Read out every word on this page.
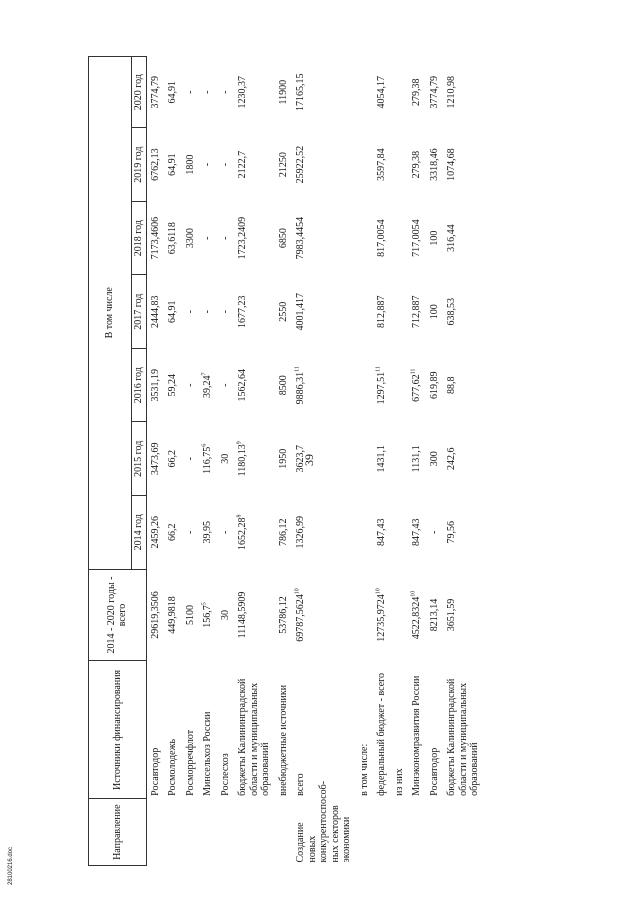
39
Направление	Источники финансирования	2014 - 2020 годы - всего	В том числе						
			2014 год	2015 год	2016 год	2017 год	2018 год	2019 год	2020 год
	Росавтодор	29619,3506	2459,26	3473,69	3531,19	2444,83	7173,4606	6762,13	3774,79
	Росмолодежь	449,9818	66,2	66,2	59,24	64,91	63,6118	64,91	64,91
	Росморречфлот	5100	-	-	-	-	3300	1800	-
	Минсельхоз России	156,7$^5$	39,95	116,75$^6$	39,24$^7$	-	-	-	-
	Рослесхоз	30	-	30	-	-	-	-	-
	бюджеты Калининградской области и муниципальных образований	11148,5909	1652,28$^8$	1180,13$^9$	1562,64	1677,23	1723,2409	2122,7	1230,37
	внебюджетные источники	53786,12	786,12	1950	8500	2550	6850	21250	11900
Создание новых конкурентоспособ-ных секторов экономики	всего	69787,5624$^{10}$	1326,99	3623,7	9886,31$^{11}$	4001,417	7983,4454	25922,52	17165,15
	в том числе:								
	федеральный бюджет - всего	12735,9724$^{10}$	847,43	1431,1	1297,51$^{11}$	812,887	817,0054	3597,84	4054,17
	из них								
	Минэкономразвития России	4522,8324$^{10}$	847,43	1131,1	677,62$^{11}$	712,887	717,0054	279,38	279,38
	Росавтодор	8213,14	-	300	619,89	100	100	3318,46	3774,79
	бюджеты Калининградской области и муниципальных образований	3651,59	79,56	242,6	88,8	638,53	316,44	1074,68	1210,98
28100216.doc
